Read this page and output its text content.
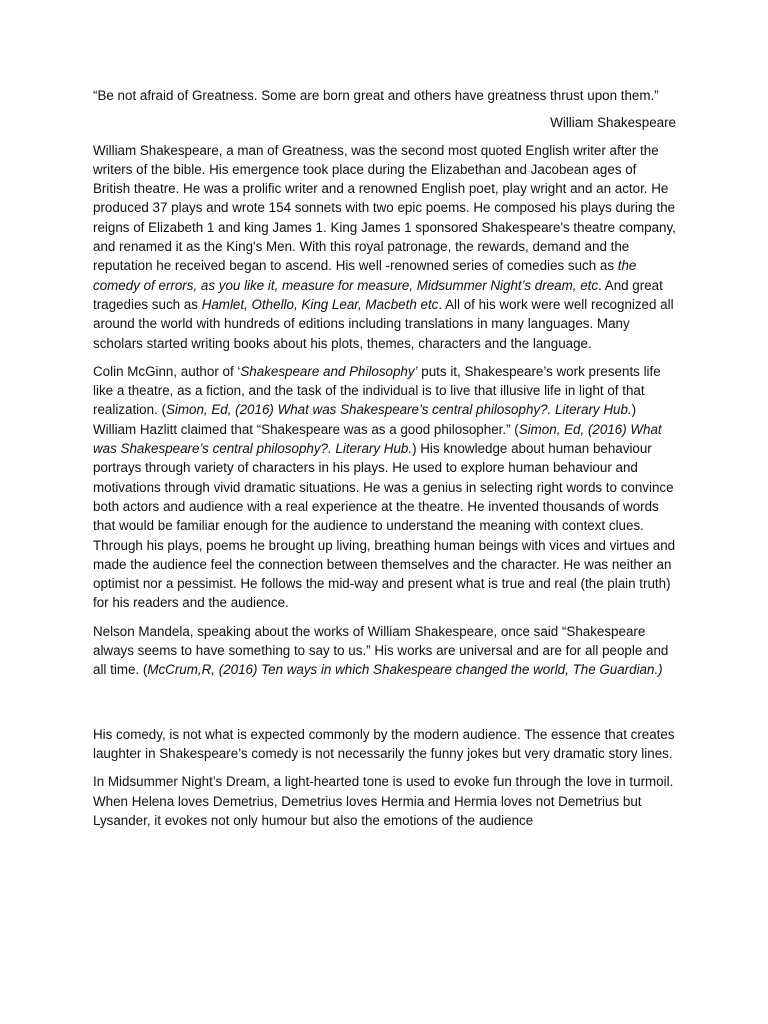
“Be not afraid of Greatness. Some are born great and others have greatness thrust upon them.”

William Shakespeare

William Shakespeare, a man of Greatness, was the second most quoted English writer after the writers of the bible. His emergence took place during the Elizabethan and Jacobean ages of British theatre. He was a prolific writer and a renowned English poet, play wright and an actor. He produced 37 plays and wrote 154 sonnets with two epic poems. He composed his plays during the reigns of Elizabeth 1 and king James 1. King James 1 sponsored Shakespeare's theatre company, and renamed it as the King's Men. With this royal patronage, the rewards, demand and the reputation he received began to ascend. His well -renowned series of comedies such as the comedy of errors, as you like it, measure for measure, Midsummer Night’s dream, etc. And great tragedies such as Hamlet, Othello, King Lear, Macbeth etc. All of his work were well recognized all around the world with hundreds of editions including translations in many languages. Many scholars started writing books about his plots, themes, characters and the language.

Colin McGinn, author of ‘Shakespeare and Philosophy’ puts it, Shakespeare’s work presents life like a theatre, as a fiction, and the task of the individual is to live that illusive life in light of that realization. (Simon, Ed, (2016) What was Shakespeare’s central philosophy?. Literary Hub.) William Hazlitt claimed that “Shakespeare was as a good philosopher.” (Simon, Ed, (2016) What was Shakespeare’s central philosophy?. Literary Hub.) His knowledge about human behaviour portrays through variety of characters in his plays. He used to explore human behaviour and motivations through vivid dramatic situations. He was a genius in selecting right words to convince both actors and audience with a real experience at the theatre. He invented thousands of words that would be familiar enough for the audience to understand the meaning with context clues. Through his plays, poems he brought up living, breathing human beings with vices and virtues and made the audience feel the connection between themselves and the character. He was neither an optimist nor a pessimist. He follows the mid-way and present what is true and real (the plain truth) for his readers and the audience.

Nelson Mandela, speaking about the works of William Shakespeare, once said “Shakespeare always seems to have something to say to us.” His works are universal and are for all people and all time. (McCrum,R, (2016) Ten ways in which Shakespeare changed the world, The Guardian.)

His comedy, is not what is expected commonly by the modern audience. The essence that creates laughter in Shakespeare’s comedy is not necessarily the funny jokes but very dramatic story lines.

In Midsummer Night’s Dream, a light-hearted tone is used to evoke fun through the love in turmoil. When Helena loves Demetrius, Demetrius loves Hermia and Hermia loves not Demetrius but Lysander, it evokes not only humour but also the emotions of the audience
